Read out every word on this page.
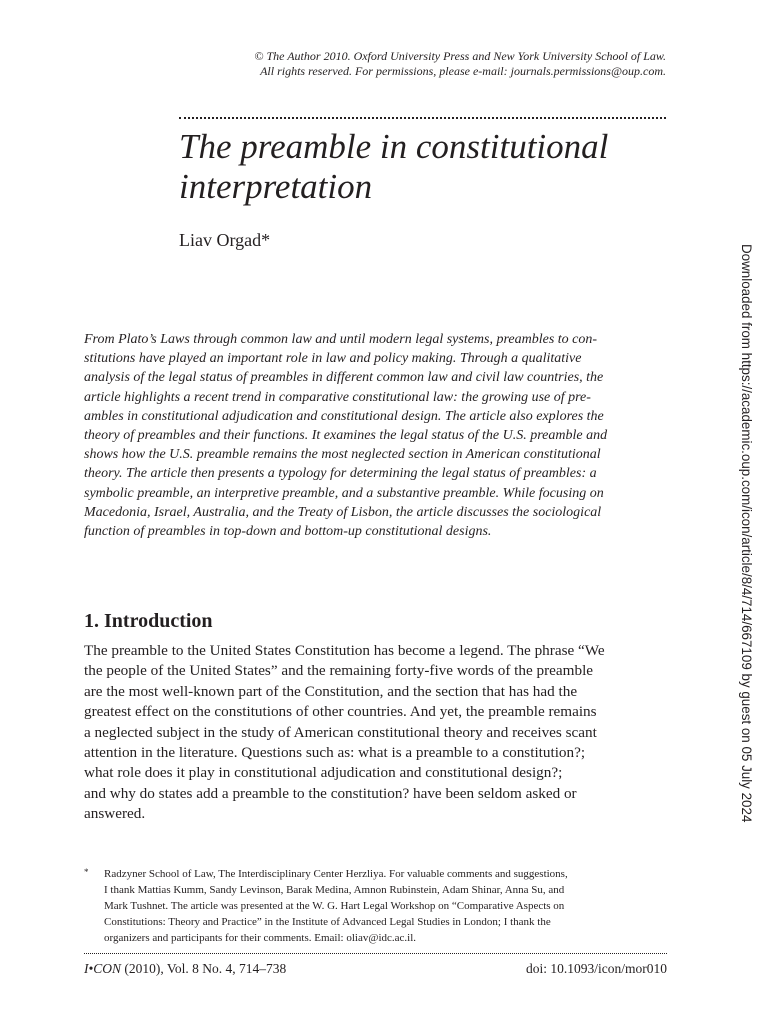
© The Author 2010. Oxford University Press and New York University School of Law.
All rights reserved. For permissions, please e-mail: journals.permissions@oup.com.
The preamble in constitutional
interpretation
Liav Orgad*

From Plato’s Laws through common law and until modern legal systems, preambles to con-
stitutions have played an important role in law and policy making. Through a qualitative
analysis of the legal status of preambles in different common law and civil law countries, the
article highlights a recent trend in comparative constitutional law: the growing use of pre-
ambles in constitutional adjudication and constitutional design. The article also explores the
theory of preambles and their functions. It examines the legal status of the U.S. preamble and
shows how the U.S. preamble remains the most neglected section in American constitutional
theory. The article then presents a typology for determining the legal status of preambles: a
symbolic preamble, an interpretive preamble, and a substantive preamble. While focusing on
Macedonia, Israel, Australia, and the Treaty of Lisbon, the article discusses the sociological
function of preambles in top-down and bottom-up constitutional designs.

1. Introduction

The preamble to the United States Constitution has become a legend. The phrase “We
the people of the United States” and the remaining forty-five words of the preamble
are the most well-known part of the Constitution, and the section that has had the
greatest effect on the constitutions of other countries. And yet, the preamble remains
a neglected subject in the study of American constitutional theory and receives scant
attention in the literature. Questions such as: what is a preamble to a constitution?;
what role does it play in constitutional adjudication and constitutional design?;
and why do states add a preamble to the constitution? have been seldom asked or
answered.

* Radzyner School of Law, The Interdisciplinary Center Herzliya. For valuable comments and suggestions,
I thank Mattias Kumm, Sandy Levinson, Barak Medina, Amnon Rubinstein, Adam Shinar, Anna Su, and
Mark Tushnet. The article was presented at the W. G. Hart Legal Workshop on “Comparative Aspects on
Constitutions: Theory and Practice” in the Institute of Advanced Legal Studies in London; I thank the
organizers and participants for their comments. Email: oliav@idc.ac.il.
I•CON (2010), Vol. 8 No. 4, 714–738	doi: 10.1093/icon/mor010
Downloaded from https://academic.oup.com/icon/article/8/4/714/667109 by guest on 05 July 2024
